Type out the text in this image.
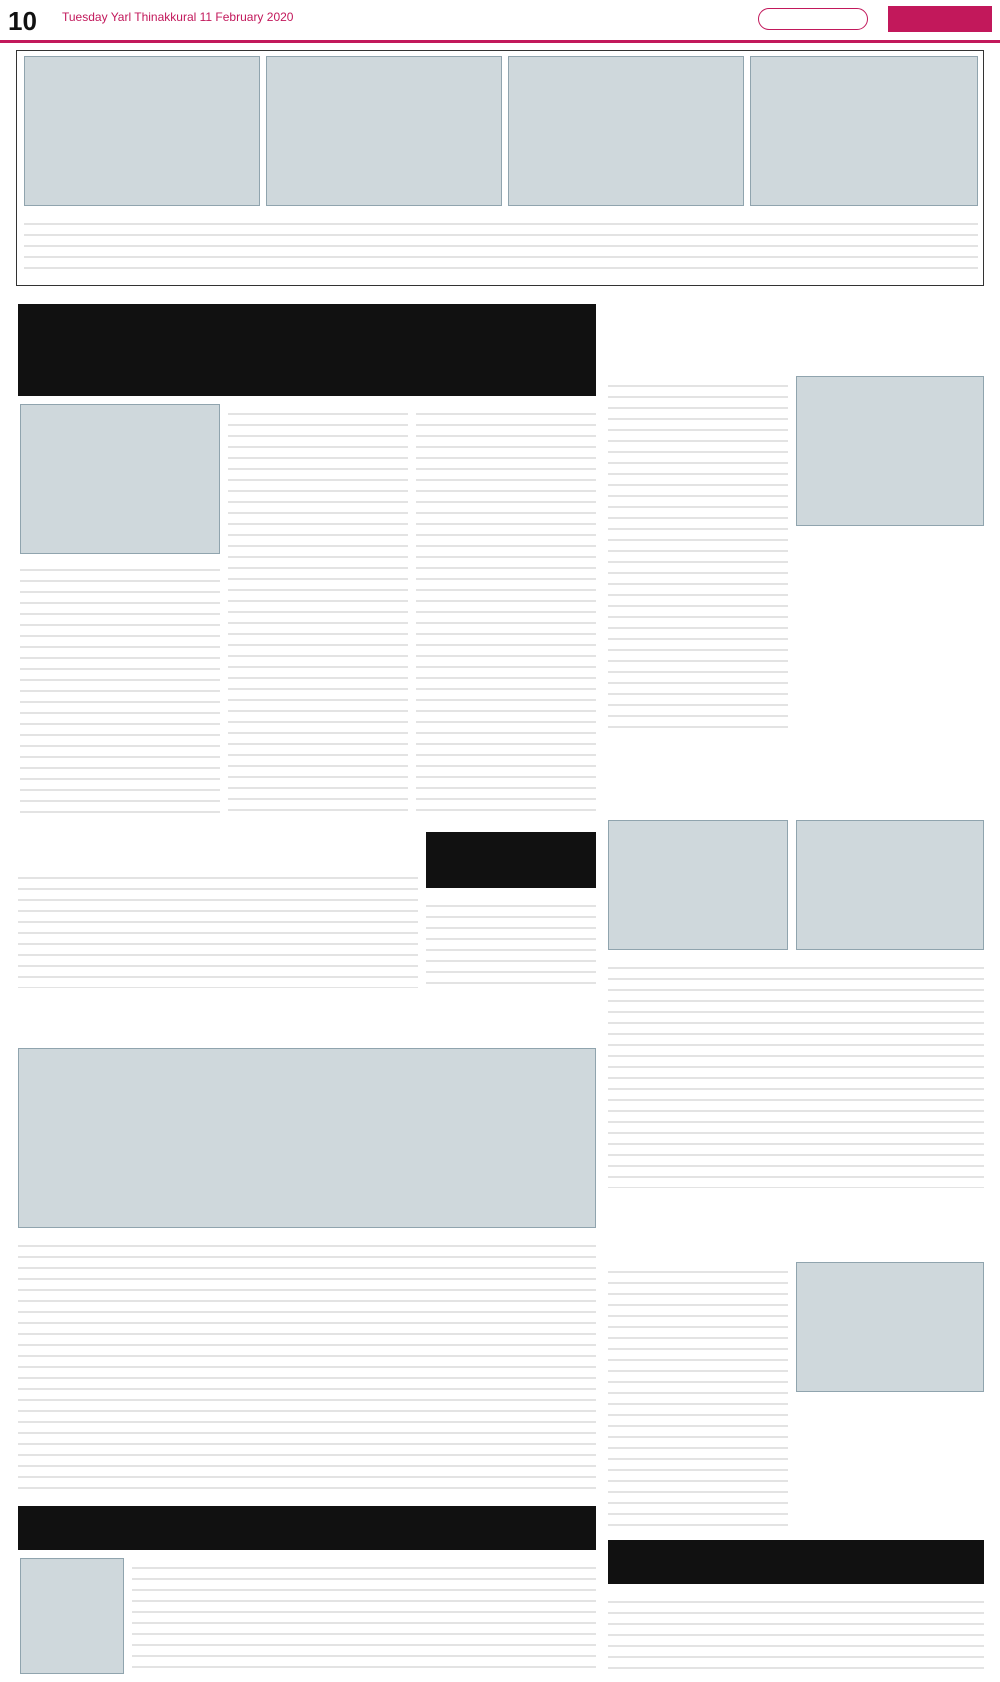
10 Tuesday Yarl Thinakkural 11 February 2020
